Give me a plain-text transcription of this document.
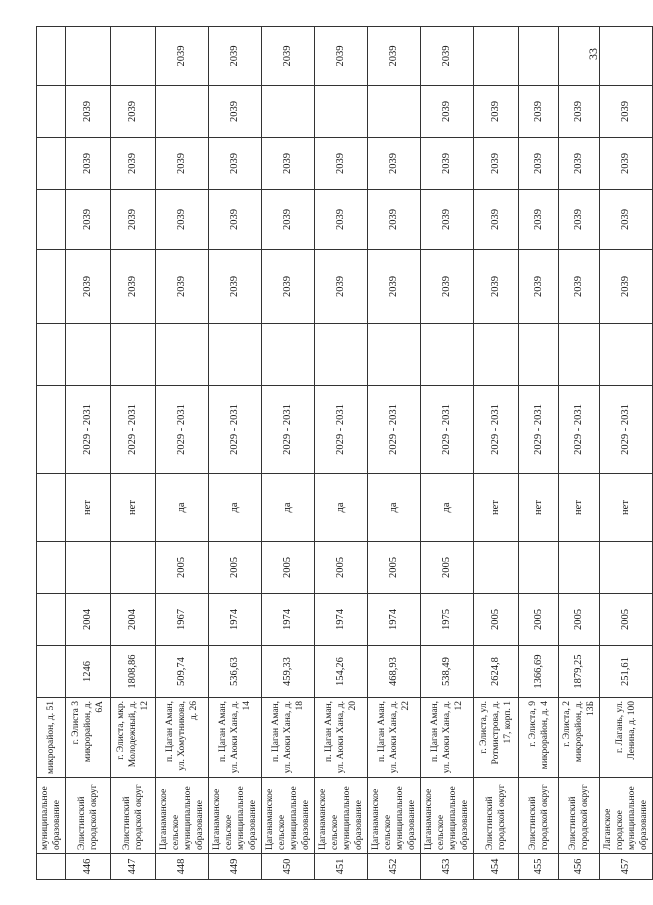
	муниципальное образование	микрорайон, д. 51											
446	Элистинский городской округ	г. Элиста 3 микрорайон, д. 6А	1246	2004		нет	2029 - 2031		2039	2039	2039	2039	
447	Элистинский городской округ	г. Элиста, мкр. Молодежный, д. 12	1808,86	2004		нет	2029 - 2031		2039	2039	2039	2039	
448	Цаганаманское сельское муниципальное образование	п. Цаган Аман, ул. Хомутникова, д. 26	509,74	1967	2005	да	2029 - 2031		2039	2039	2039		2039
449	Цаганаманское сельское муниципальное образование	п. Цаган Аман, ул. Аюки Хана, д. 14	536,63	1974	2005	да	2029 - 2031		2039	2039	2039	2039	2039
450	Цаганаманское сельское муниципальное образование	п. Цаган Аман, ул. Аюки Хана, д. 18	459,33	1974	2005	да	2029 - 2031		2039	2039	2039		2039
451	Цаганаманское сельское муниципальное образование	п. Цаган Аман, ул. Аюки Хана, д. 20	154,26	1974	2005	да	2029 - 2031		2039	2039	2039		2039
452	Цаганаманское сельское муниципальное образование	п. Цаган Аман, ул. Аюки Хана, д. 22	468,93	1974	2005	да	2029 - 2031		2039	2039	2039		2039
453	Цаганаманское сельское муниципальное образование	п. Цаган Аман, ул. Аюки Хана, д. 12	538,49	1975	2005	да	2029 - 2031		2039	2039	2039	2039	2039
454	Элистинский городской округ	г. Элиста, ул. Ротмистрова, д. 17, корп. 1	2624,8	2005		нет	2029 - 2031		2039	2039	2039	2039	
455	Элистинский городской округ	г. Элиста, 9 микрорайон, д. 4	1366,69	2005		нет	2029 - 2031		2039	2039	2039	2039	
456	Элистинский городской округ	г. Элиста, 2 микрорайон, д. 13Б	1879,25	2005		нет	2029 - 2031		2039	2039	2039	2039	
457	Лаганское городское муниципальное образование	г. Лагань, ул. Ленина, д. 100	251,61	2005		нет	2029 - 2031		2039	2039	2039	2039	
33
